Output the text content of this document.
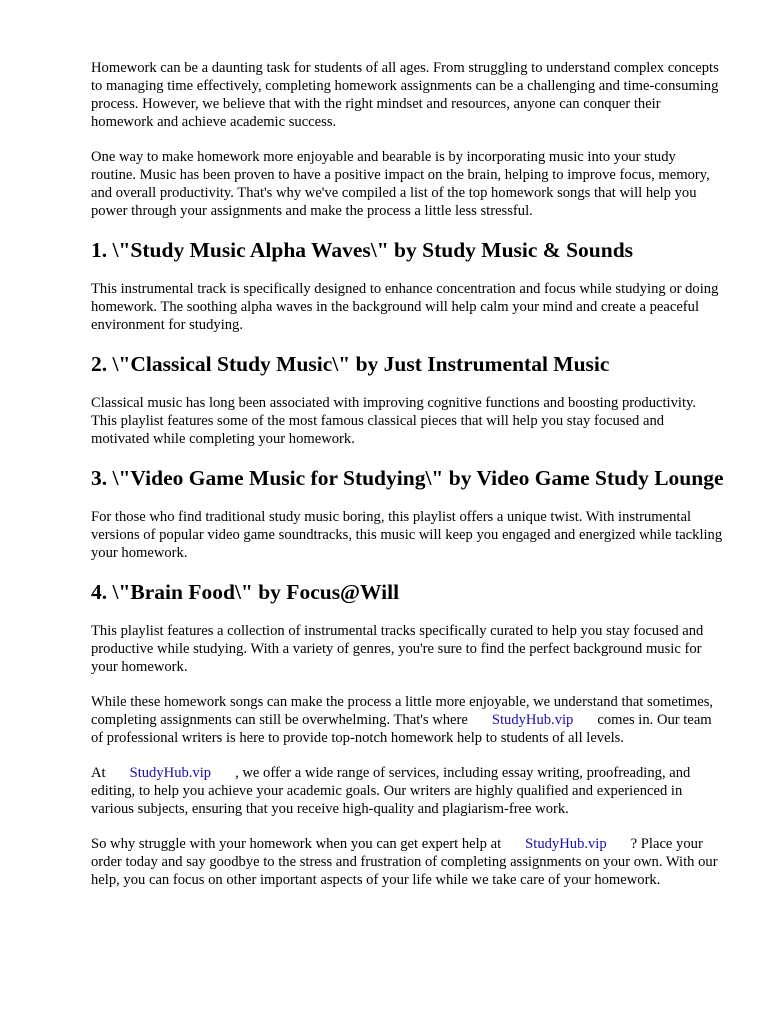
Homework can be a daunting task for students of all ages. From struggling to understand complex concepts to managing time effectively, completing homework assignments can be a challenging and time-consuming process. However, we believe that with the right mindset and resources, anyone can conquer their homework and achieve academic success.

One way to make homework more enjoyable and bearable is by incorporating music into your study routine. Music has been proven to have a positive impact on the brain, helping to improve focus, memory, and overall productivity. That's why we've compiled a list of the top homework songs that will help you power through your assignments and make the process a little less stressful.

1. \"Study Music Alpha Waves\" by Study Music & Sounds

This instrumental track is specifically designed to enhance concentration and focus while studying or doing homework. The soothing alpha waves in the background will help calm your mind and create a peaceful environment for studying.

2. \"Classical Study Music\" by Just Instrumental Music

Classical music has long been associated with improving cognitive functions and boosting productivity. This playlist features some of the most famous classical pieces that will help you stay focused and motivated while completing your homework.

3. \"Video Game Music for Studying\" by Video Game Study Lounge

For those who find traditional study music boring, this playlist offers a unique twist. With instrumental versions of popular video game soundtracks, this music will keep you engaged and energized while tackling your homework.

4. \"Brain Food\" by Focus@Will

This playlist features a collection of instrumental tracks specifically curated to help you stay focused and productive while studying. With a variety of genres, you're sure to find the perfect background music for your homework.

While these homework songs can make the process a little more enjoyable, we understand that sometimes, completing assignments can still be overwhelming. That's where StudyHub.vip comes in. Our team of professional writers is here to provide top-notch homework help to students of all levels.

At StudyHub.vip , we offer a wide range of services, including essay writing, proofreading, and editing, to help you achieve your academic goals. Our writers are highly qualified and experienced in various subjects, ensuring that you receive high-quality and plagiarism-free work.

So why struggle with your homework when you can get expert help at StudyHub.vip ? Place your order today and say goodbye to the stress and frustration of completing assignments on your own. With our help, you can focus on other important aspects of your life while we take care of your homework.
